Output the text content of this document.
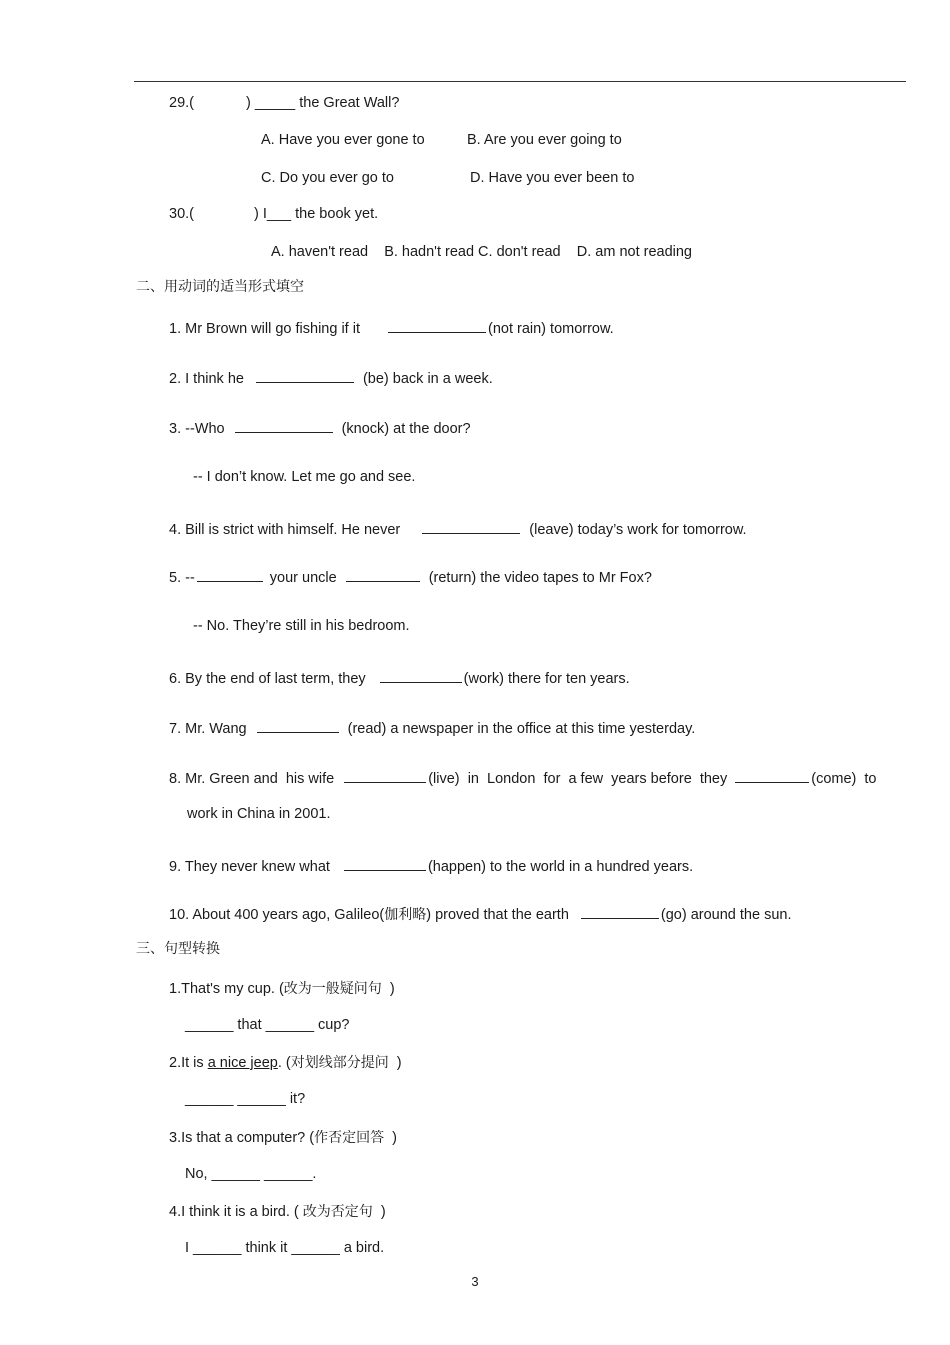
29.(	) _____ the Great Wall?
A. Have you ever gone to	B. Are you ever going to
C. Do you ever go to	D. Have you ever been to
30.(	) I___ the book yet.
A. haven't read    B. hadn't read C. don't read    D. am not reading
二、用动词的适当形式填空
1. Mr Brown will go fishing if it	(not rain) tomorrow.
2. I think he	(be) back in a week.
3. --Who	(knock) at the door?
-- I don’t know. Let me go and see.
4. Bill is strict with himself. He never	(leave) today’s work for tomorrow.
5. --	your uncle	(return) the video tapes to Mr Fox?
-- No. They’re still in his bedroom.
6. By the end of last term, they	(work) there for ten years.
7. Mr. Wang	(read) a newspaper in the office at this time yesterday.
8. Mr. Green and  his wife	(live)  in  London  for  a few  years before  they	(come)  to
work in China in 2001.
9. They never knew what	(happen) to the world in a hundred years.
10. About 400 years ago, Galileo(伽利略) proved that the earth	(go) around the sun.
三、句型转换
1.That's my cup. (改为一般疑问句 )
______ that ______ cup?
2.It is a nice jeep. (对划线部分提问 )
______ ______ it?
3.Is that a computer? (作否定回答 )
No, ______ ______.
4.I think it is a bird. ( 改为否定句 )
I ______ think it ______ a bird.
3
